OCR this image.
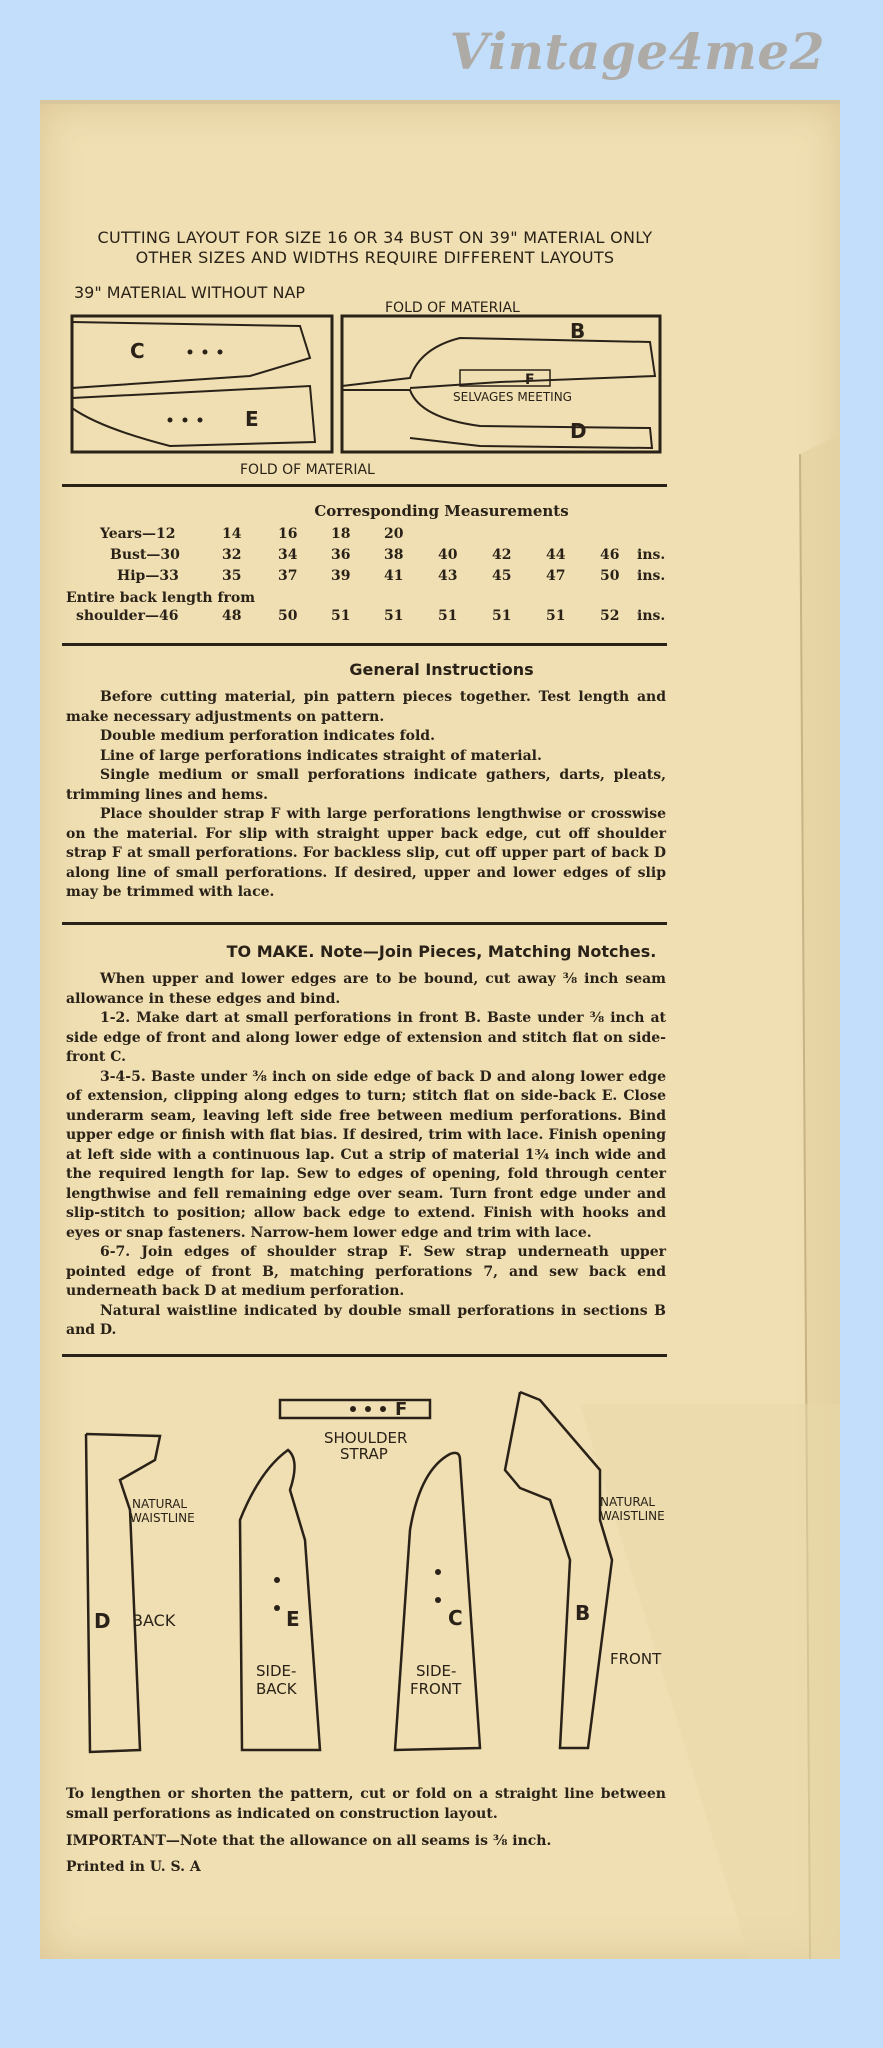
Vintage4me2
CUTTING LAYOUT FOR SIZE 16 OR 34 BUST ON 39" MATERIAL ONLY
OTHER SIZES AND WIDTHS REQUIRE DIFFERENT LAYOUTS
39" MATERIAL WITHOUT NAP
FOLD OF MATERIAL
C
E
B
D
F
SELVAGES MEETING
FOLD OF MATERIAL
Corresponding Measurements
Years—12	14	16 18 20
Bust—30	32	34 36 38 40 42 44 46 ins.
Hip—33	35	37 39 41 43 45 47 50 ins.
Entire back length from
shoulder—46	48	50 51 51 51 51 51 52 ins.
General Instructions

Before cutting material, pin pattern pieces together. Test length and make necessary adjustments on pattern.

Double medium perforation indicates fold.

Line of large perforations indicates straight of material.

Single medium or small perforations indicate gathers, darts, pleats, trimming lines and hems.

Place shoulder strap F with large perforations lengthwise or crosswise on the material. For slip with straight upper back edge, cut off shoulder strap F at small perforations. For backless slip, cut off upper part of back D along line of small perforations. If desired, upper and lower edges of slip may be trimmed with lace.

TO MAKE. Note—Join Pieces, Matching Notches.

When upper and lower edges are to be bound, cut away ⅜ inch seam allowance in these edges and bind.

1-2. Make dart at small perforations in front B. Baste under ⅜ inch at side edge of front and along lower edge of extension and stitch flat on side-front C.

3-4-5. Baste under ⅜ inch on side edge of back D and along lower edge of extension, clipping along edges to turn; stitch flat on side-back E. Close underarm seam, leaving left side free between medium perforations. Bind upper edge or finish with flat bias. If desired, trim with lace. Finish opening at left side with a continuous lap. Cut a strip of material 1¾ inch wide and the required length for lap. Sew to edges of opening, fold through center lengthwise and fell remaining edge over seam. Turn front edge under and slip-stitch to position; allow back edge to extend. Finish with hooks and eyes or snap fasteners. Narrow-hem lower edge and trim with lace.

6-7. Join edges of shoulder strap F. Sew strap underneath upper pointed edge of front B, matching perforations 7, and sew back end underneath back D at medium perforation.

Natural waistline indicated by double small perforations in sections B and D.

F
SHOULDER
STRAP
NATURAL
WAISTLINE
NATURAL
WAISTLINE
D BACK	E
SIDE-
BACK
C
SIDE-
FRONT
B
FRONT

To lengthen or shorten the pattern, cut or fold on a straight line between small perforations as indicated on construction layout.

IMPORTANT—Note that the allowance on all seams is ⅜ inch.

Printed in U. S. A
